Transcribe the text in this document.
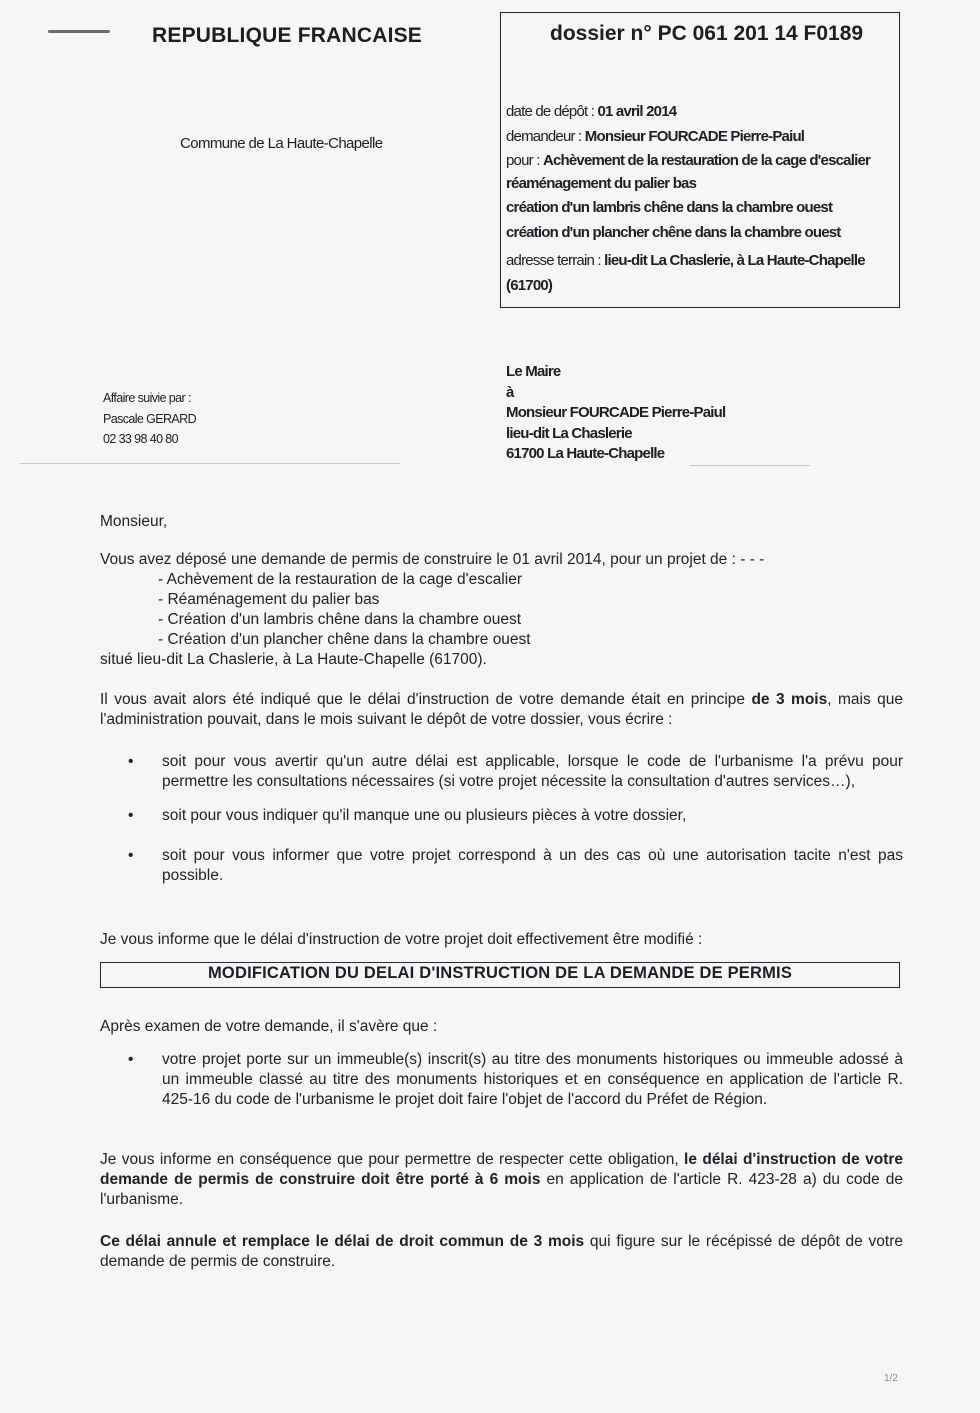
REPUBLIQUE FRANCAISE
Commune de La Haute-Chapelle
dossier n° PC 061 201 14 F0189
date de dépôt : 01 avril 2014
demandeur : Monsieur FOURCADE Pierre-Paiul
pour : Achèvement de la restauration de la cage d'escalier
réaménagement du palier bas
création d'un lambris chêne dans la chambre ouest
création d'un plancher chêne dans la chambre ouest
adresse terrain : lieu-dit La Chaslerie, à La Haute-Chapelle
(61700)
Affaire suivie par :
Pascale GERARD
02 33 98 40 80
Le Maire
à
Monsieur FOURCADE Pierre-Paiul
lieu-dit La Chaslerie
61700 La Haute-Chapelle
Monsieur,
Vous avez déposé une demande de permis de construire le 01 avril 2014, pour un projet de : - - -
- Achèvement de la restauration de la cage d'escalier
- Réaménagement du palier bas
- Création d'un lambris chêne dans la chambre ouest
- Création d'un plancher chêne dans la chambre ouest
situé lieu-dit La Chaslerie, à La Haute-Chapelle (61700).
Il vous avait alors été indiqué que le délai d'instruction de votre demande était en principe de 3 mois, mais que l'administration pouvait, dans le mois suivant le dépôt de votre dossier, vous écrire :
• soit pour vous avertir qu'un autre délai est applicable, lorsque le code de l'urbanisme l'a prévu pour permettre les consultations nécessaires (si votre projet nécessite la consultation d'autres services…),
• soit pour vous indiquer qu'il manque une ou plusieurs pièces à votre dossier,
• soit pour vous informer que votre projet correspond à un des cas où une autorisation tacite n'est pas possible.
Je vous informe que le délai d'instruction de votre projet doit effectivement être modifié :
MODIFICATION DU DELAI D'INSTRUCTION DE LA DEMANDE DE PERMIS
Après examen de votre demande, il s'avère que :
• votre projet porte sur un immeuble(s) inscrit(s) au titre des monuments historiques ou immeuble adossé à un immeuble classé au titre des monuments historiques et en conséquence en application de l'article R. 425-16 du code de l'urbanisme le projet doit faire l'objet de l'accord du Préfet de Région.
Je vous informe en conséquence que pour permettre de respecter cette obligation, le délai d'instruction de votre demande de permis de construire doit être porté à 6 mois en application de l'article R. 423-28 a) du code de l'urbanisme.
Ce délai annule et remplace le délai de droit commun de 3 mois qui figure sur le récépissé de dépôt de votre demande de permis de construire.
1/2
